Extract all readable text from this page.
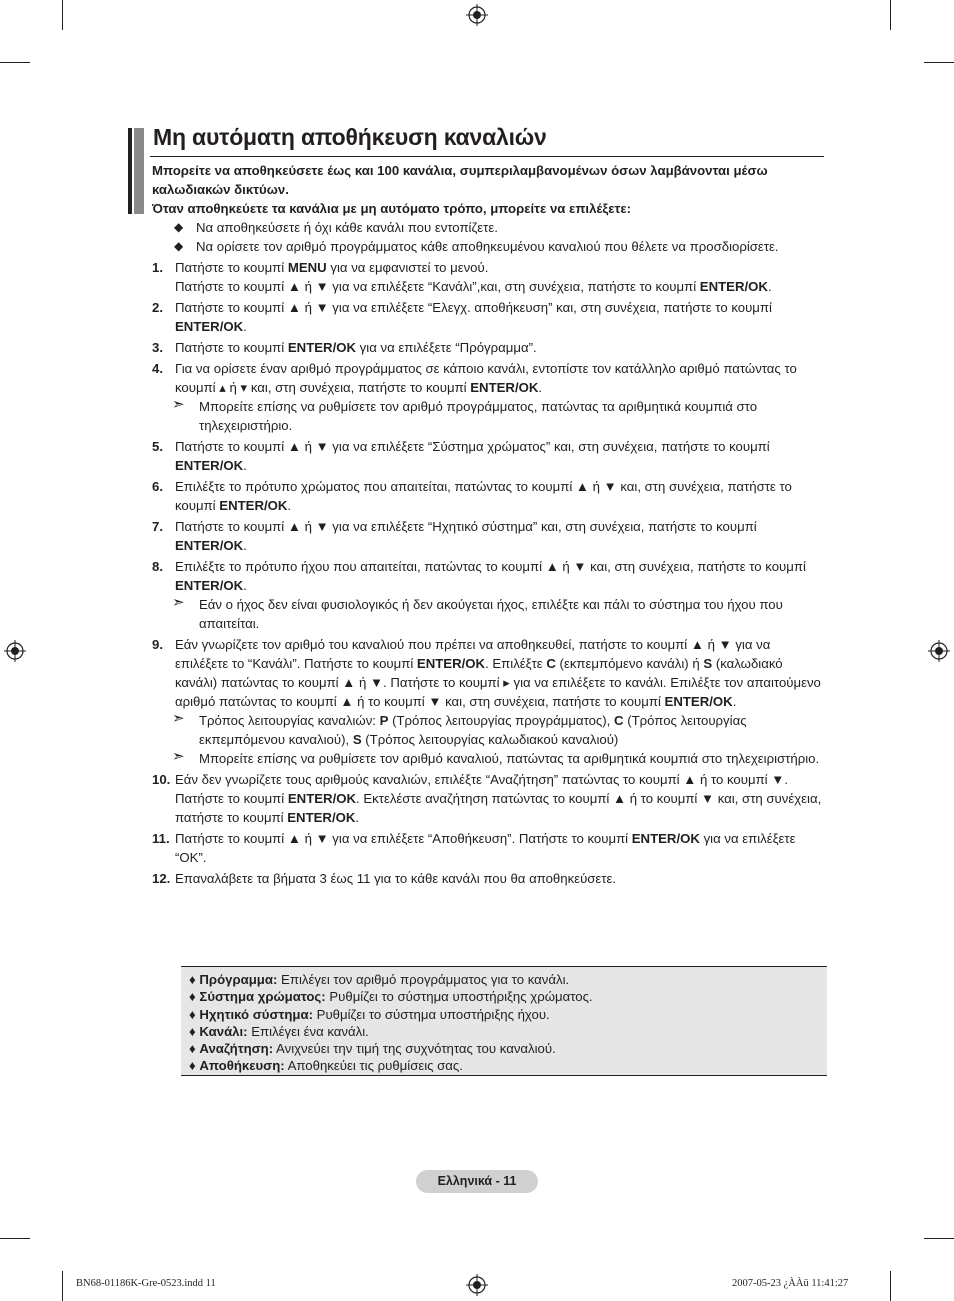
Μη αυτόματη αποθήκευση καναλιών
Μπορείτε να αποθηκεύσετε έως και 100 κανάλια, συμπεριλαμβανομένων όσων λαμβάνονται μέσω καλωδιακών δικτύων.
Όταν αποθηκεύετε τα κανάλια με μη αυτόματο τρόπο, μπορείτε να επιλέξετε:
◆ Να αποθηκεύσετε ή όχι κάθε κανάλι που εντοπίζετε.
◆ Να ορίσετε τον αριθμό προγράμματος κάθε αποθηκευμένου καναλιού που θέλετε να προσδιορίσετε.
1. Πατήστε το κουμπί MENU για να εμφανιστεί το μενού.
Πατήστε το κουμπί ▲ ή ▼ για να επιλέξετε “Κανάλι”,και, στη συνέχεια, πατήστε το κουμπί ENTER/OK.
2. Πατήστε το κουμπί ▲ ή ▼ για να επιλέξετε “Ελεγχ. αποθήκευση” και, στη συνέχεια, πατήστε το κουμπί ENTER/OK.
3. Πατήστε το κουμπί ENTER/OK για να επιλέξετε “Πρόγραμμα”.
4. Για να ορίσετε έναν αριθμό προγράμματος σε κάποιο κανάλι, εντοπίστε τον κατάλληλο αριθμό πατώντας το κουμπί ▴ ή ▾ και, στη συνέχεια, πατήστε το κουμπί ENTER/OK.
➣ Μπορείτε επίσης να ρυθμίσετε τον αριθμό προγράμματος, πατώντας τα αριθμητικά κουμπιά στο τηλεχειριστήριο.
5. Πατήστε το κουμπί ▲ ή ▼ για να επιλέξετε “Σύστημα χρώματος” και, στη συνέχεια, πατήστε το κουμπί ENTER/OK.
6. Επιλέξτε το πρότυπο χρώματος που απαιτείται, πατώντας το κουμπί ▲ ή ▼ και, στη συνέχεια, πατήστε το κουμπί ENTER/OK.
7. Πατήστε το κουμπί ▲ ή ▼ για να επιλέξετε “Ηχητικό σύστημα” και, στη συνέχεια, πατήστε το κουμπί ENTER/OK.
8. Επιλέξτε το πρότυπο ήχου που απαιτείται, πατώντας το κουμπί ▲ ή ▼ και, στη συνέχεια, πατήστε το κουμπί ENTER/OK.
➣ Εάν ο ήχος δεν είναι φυσιολογικός ή δεν ακούγεται ήχος, επιλέξτε και πάλι το σύστημα του ήχου που απαιτείται.
9. Εάν γνωρίζετε τον αριθμό του καναλιού που πρέπει να αποθηκευθεί, πατήστε το κουμπί ▲ ή ▼ για να επιλέξετε το “Κανάλι”. Πατήστε το κουμπί ENTER/OK. Επιλέξτε C (εκπεμπόμενο κανάλι) ή S (καλωδιακό κανάλι) πατώντας το κουμπί ▲ ή ▼. Πατήστε το κουμπί ▸ για να επιλέξετε το κανάλι. Επιλέξτε τον απαιτούμενο αριθμό πατώντας το κουμπί ▲ ή το κουμπί ▼ και, στη συνέχεια, πατήστε το κουμπί ENTER/OK.
➣ Τρόπος λειτουργίας καναλιών: P (Τρόπος λειτουργίας προγράμματος), C (Τρόπος λειτουργίας εκπεμπόμενου καναλιού), S (Τρόπος λειτουργίας καλωδιακού καναλιού)
➣ Μπορείτε επίσης να ρυθμίσετε τον αριθμό καναλιού, πατώντας τα αριθμητικά κουμπιά στο τηλεχειριστήριο.
10. Εάν δεν γνωρίζετε τους αριθμούς καναλιών, επιλέξτε “Αναζήτηση” πατώντας το κουμπί ▲ ή το κουμπί ▼. Πατήστε το κουμπί ENTER/OK. Εκτελέστε αναζήτηση πατώντας το κουμπί ▲ ή το κουμπί ▼ και, στη συνέχεια, πατήστε το κουμπί ENTER/OK.
11. Πατήστε το κουμπί ▲ ή ▼ για να επιλέξετε “Αποθήκευση”. Πατήστε το κουμπί ENTER/OK για να επιλέξετε “OK”.
12. Επαναλάβετε τα βήματα 3 έως 11 για το κάθε κανάλι που θα αποθηκεύσετε.
♦ Πρόγραμμα: Επιλέγει τον αριθμό προγράμματος για το κανάλι.
♦ Σύστημα χρώματος: Ρυθμίζει το σύστημα υποστήριξης χρώματος.
♦ Ηχητικό σύστημα: Ρυθμίζει το σύστημα υποστήριξης ήχου.
♦ Κανάλι: Επιλέγει ένα κανάλι.
♦ Αναζήτηση: Ανιχνεύει την τιμή της συχνότητας του καναλιού.
♦ Αποθήκευση: Αποθηκεύει τις ρυθμίσεις σας.
Ελληνικά - 11
BN68-01186K-Gre-0523.indd 11	2007-05-23 ¿ÀÀü 11:41:27
